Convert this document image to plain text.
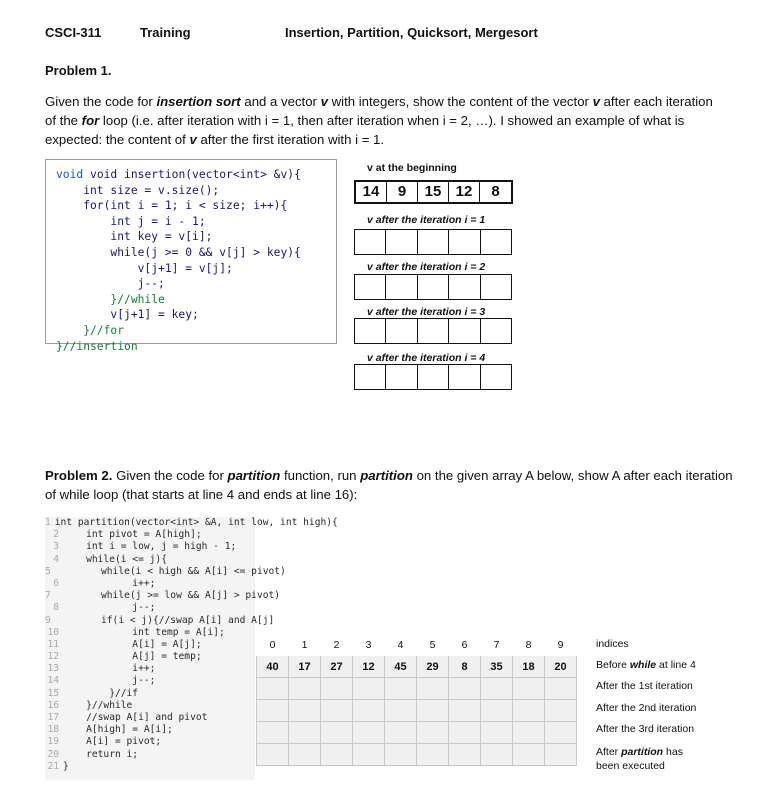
CSCI-311	Training	Insertion, Partition, Quicksort, Mergesort
Problem 1.
Given the code for insertion sort and a vector v with integers, show the content of the vector v after each iteration of the for loop (i.e. after iteration with i = 1, then after iteration when i = 2, …). I showed an example of what is expected: the content of v after the first iteration with i = 1.
void void insertion(vector<int> &v){
int size = v.size();
for(int i = 1; i < size; i++){
int j = i - 1;
int key = v[i];
while(j >= 0 && v[j] > key){
v[j+1] = v[j];
j--;
}//while
v[j+1] = key;
}//for
}//insertion
v at the beginning
14	9	15 12	8
v after the iteration i = 1
v after the iteration i = 2
v after the iteration i = 3
v after the iteration i = 4
Problem 2. Given the code for partition function, run partition on the given array A below, show A after each iteration of while loop (that starts at line 4 and ends at line 16):
1 int partition(vector<int> &A, int low, int high){
2 int pivot = A[high];
3 int i = low, j = high - 1;
4 while(i <= j){
5 while(i < high && A[i] <= pivot)
6 i++;
7 while(j >= low && A[j] > pivot)
8 j--;
9 if(i < j){//swap A[i] and A[j]
10 int temp = A[i];
11 A[i] = A[j];
12 A[j] = temp;
13 i++;
14 j--;
15 }//if
16 }//while
17 //swap A[i] and pivot
18 A[high] = A[i];
19 A[i] = pivot;
20 return i;
21 }
0	1	2	3	4	5	6	7	8	9
40	17	27	12	45	29	8	35	18	20

indices
Before while at line 4
After the 1st iteration
After the 2nd iteration
After the 3rd iteration
After partition has
been executed
